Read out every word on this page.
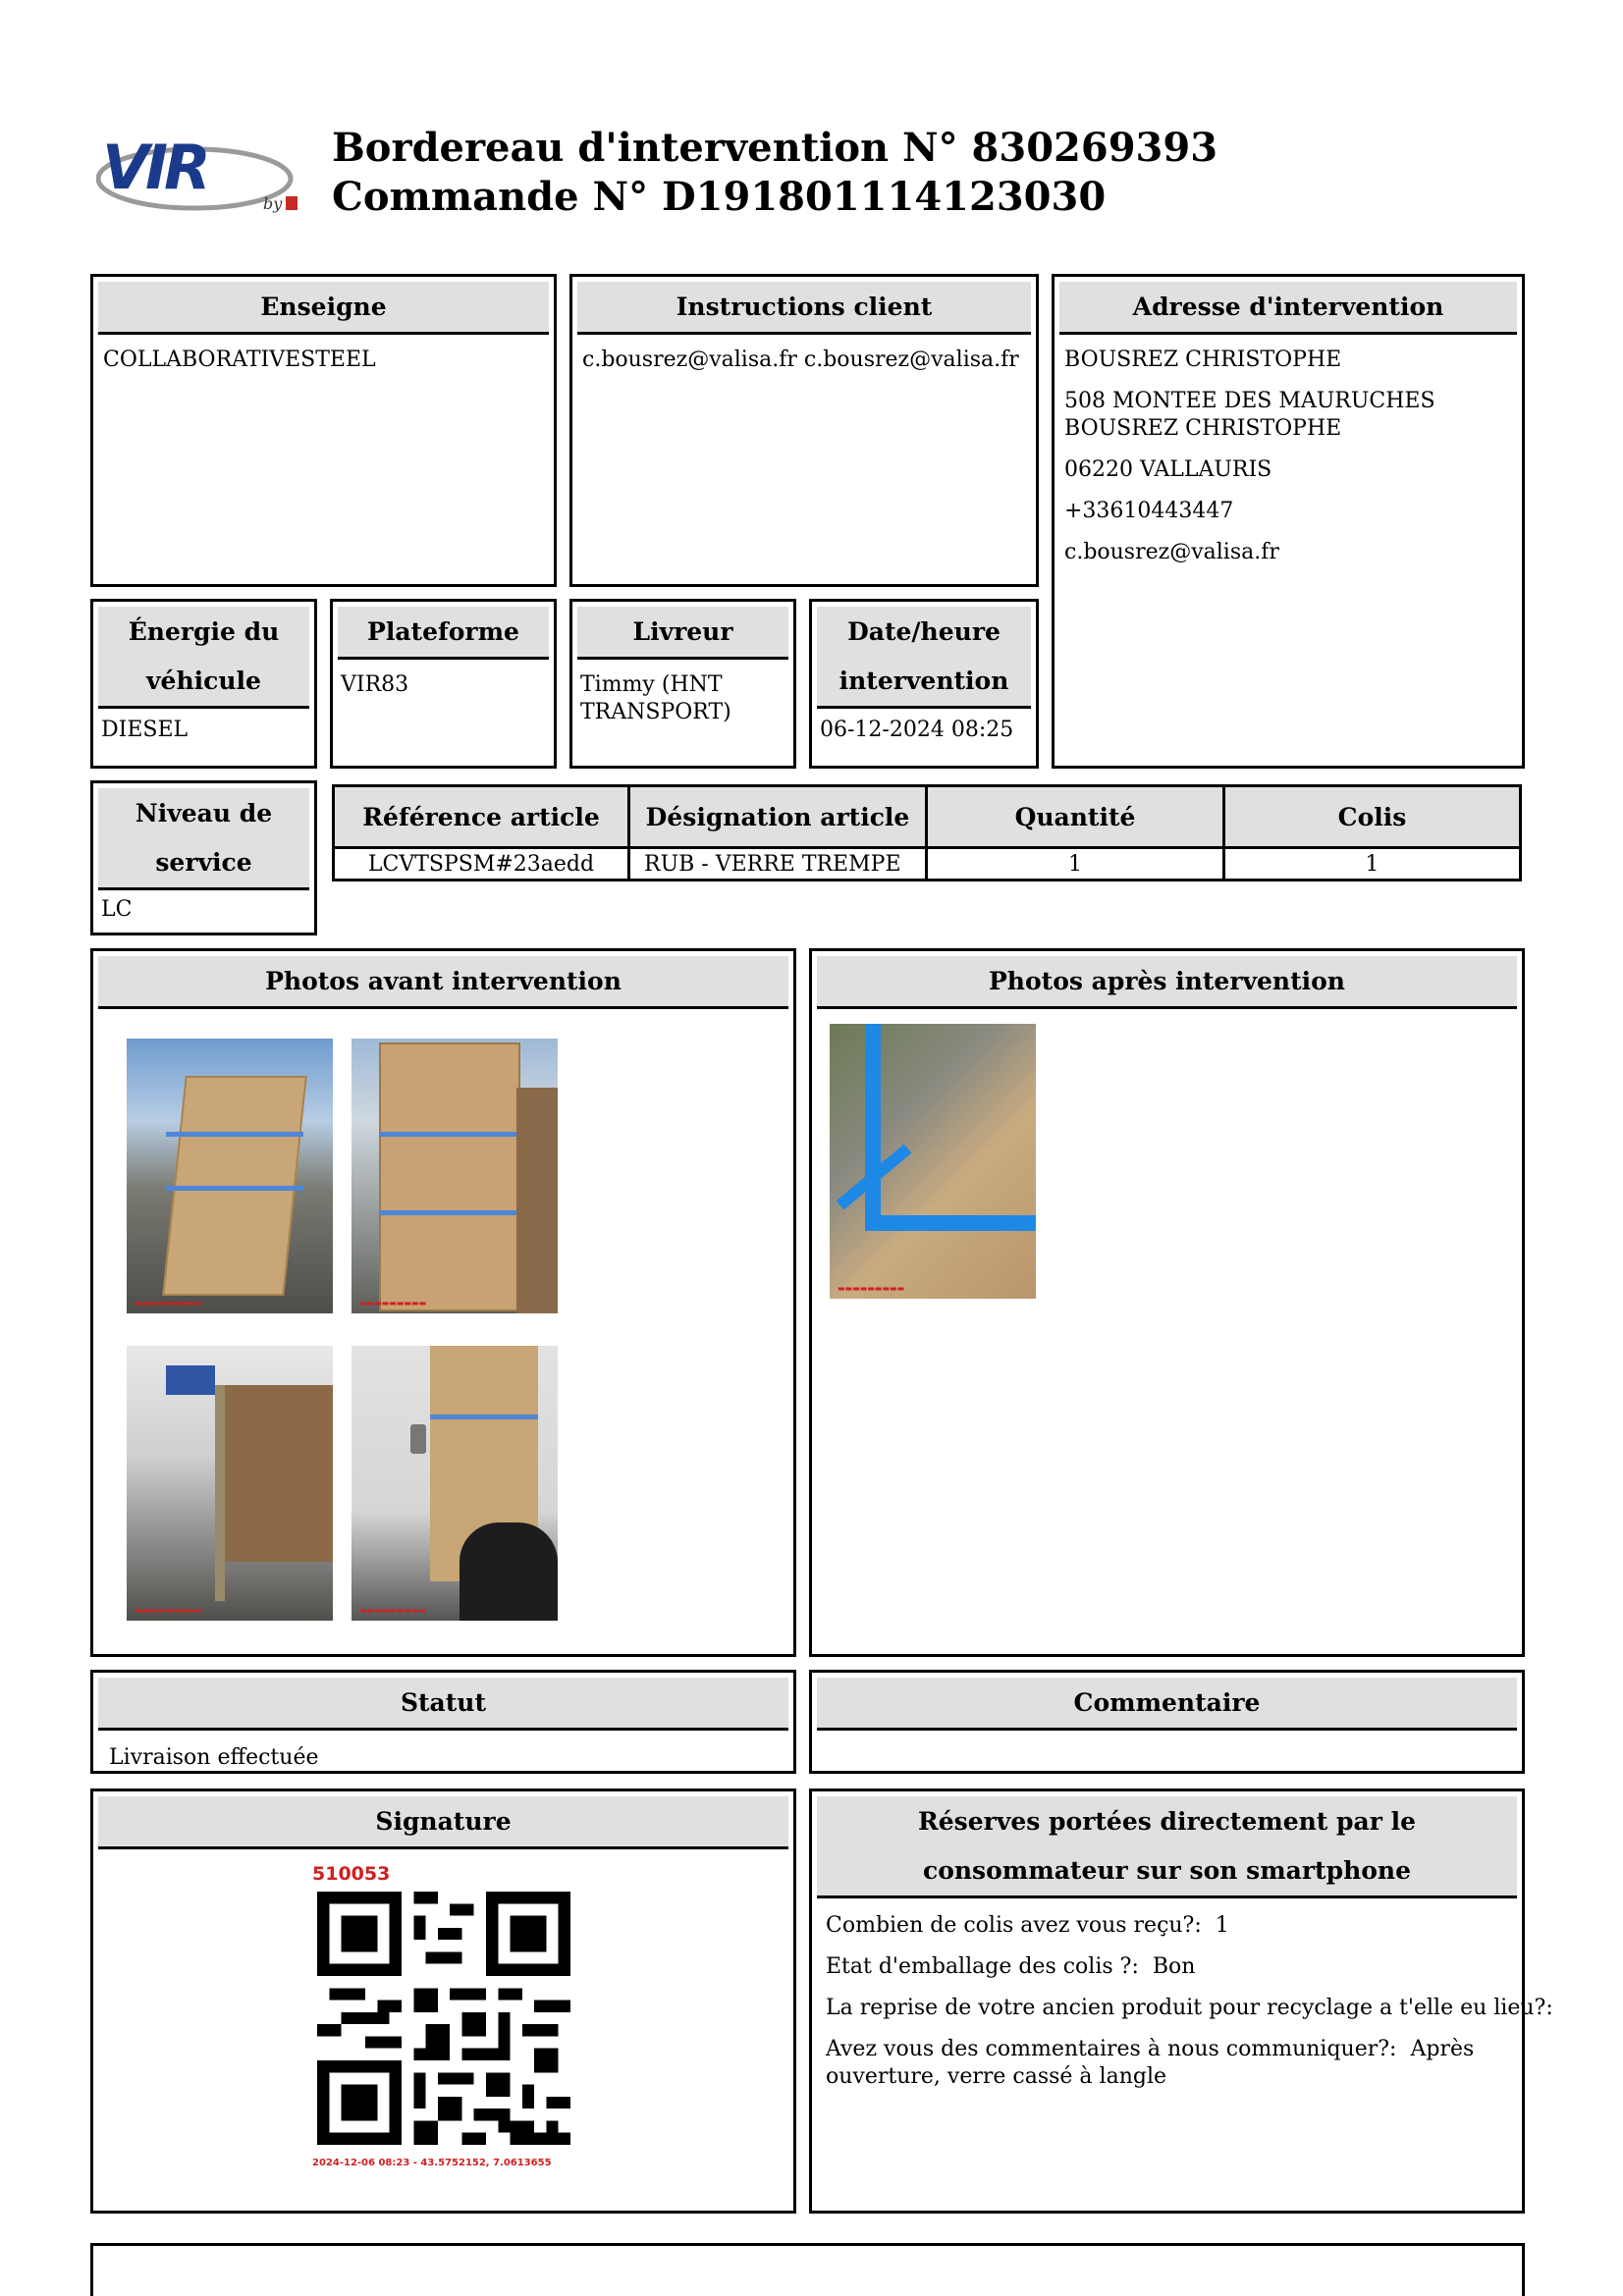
VIR
by
Bordereau d'intervention N° 830269393
Commande N° D191801114123030
Enseigne
COLLABORATIVESTEEL
Instructions client
c.bousrez@valisa.fr c.bousrez@valisa.fr
Adresse d'intervention
BOUSREZ CHRISTOPHE
508 MONTEE DES MAURUCHES BOUSREZ CHRISTOPHE
06220 VALLAURIS
+33610443447
c.bousrez@valisa.fr
Énergie du
véhicule
DIESEL
Plateforme
VIR83
Livreur
Timmy (HNT TRANSPORT)
Date/heure
intervention
06-12-2024 08:25
Niveau de
service
LC
Référence article	Désignation article	Quantité	Colis
LCVTSPSM#23aedd	RUB - VERRE TREMPE	1	1
Photos avant intervention
▬▬▬▬▬▬▬▬▬	▬▬▬▬▬▬▬▬▬
▬▬▬▬▬▬▬▬▬	▬▬▬▬▬▬▬▬▬
Photos après intervention
▬▬▬▬▬▬▬▬▬
Statut
Livraison effectuée
Commentaire
Signature
510053
2024-12-06 08:23 - 43.5752152, 7.0613655
Réserves portées directement par le
consommateur sur son smartphone
Combien de colis avez vous reçu?: 1
Etat d'emballage des colis ?: Bon
La reprise de votre ancien produit pour recyclage a t'elle eu lieu?:
Avez vous des commentaires à nous communiquer?: Après ouverture, verre cassé à langle
